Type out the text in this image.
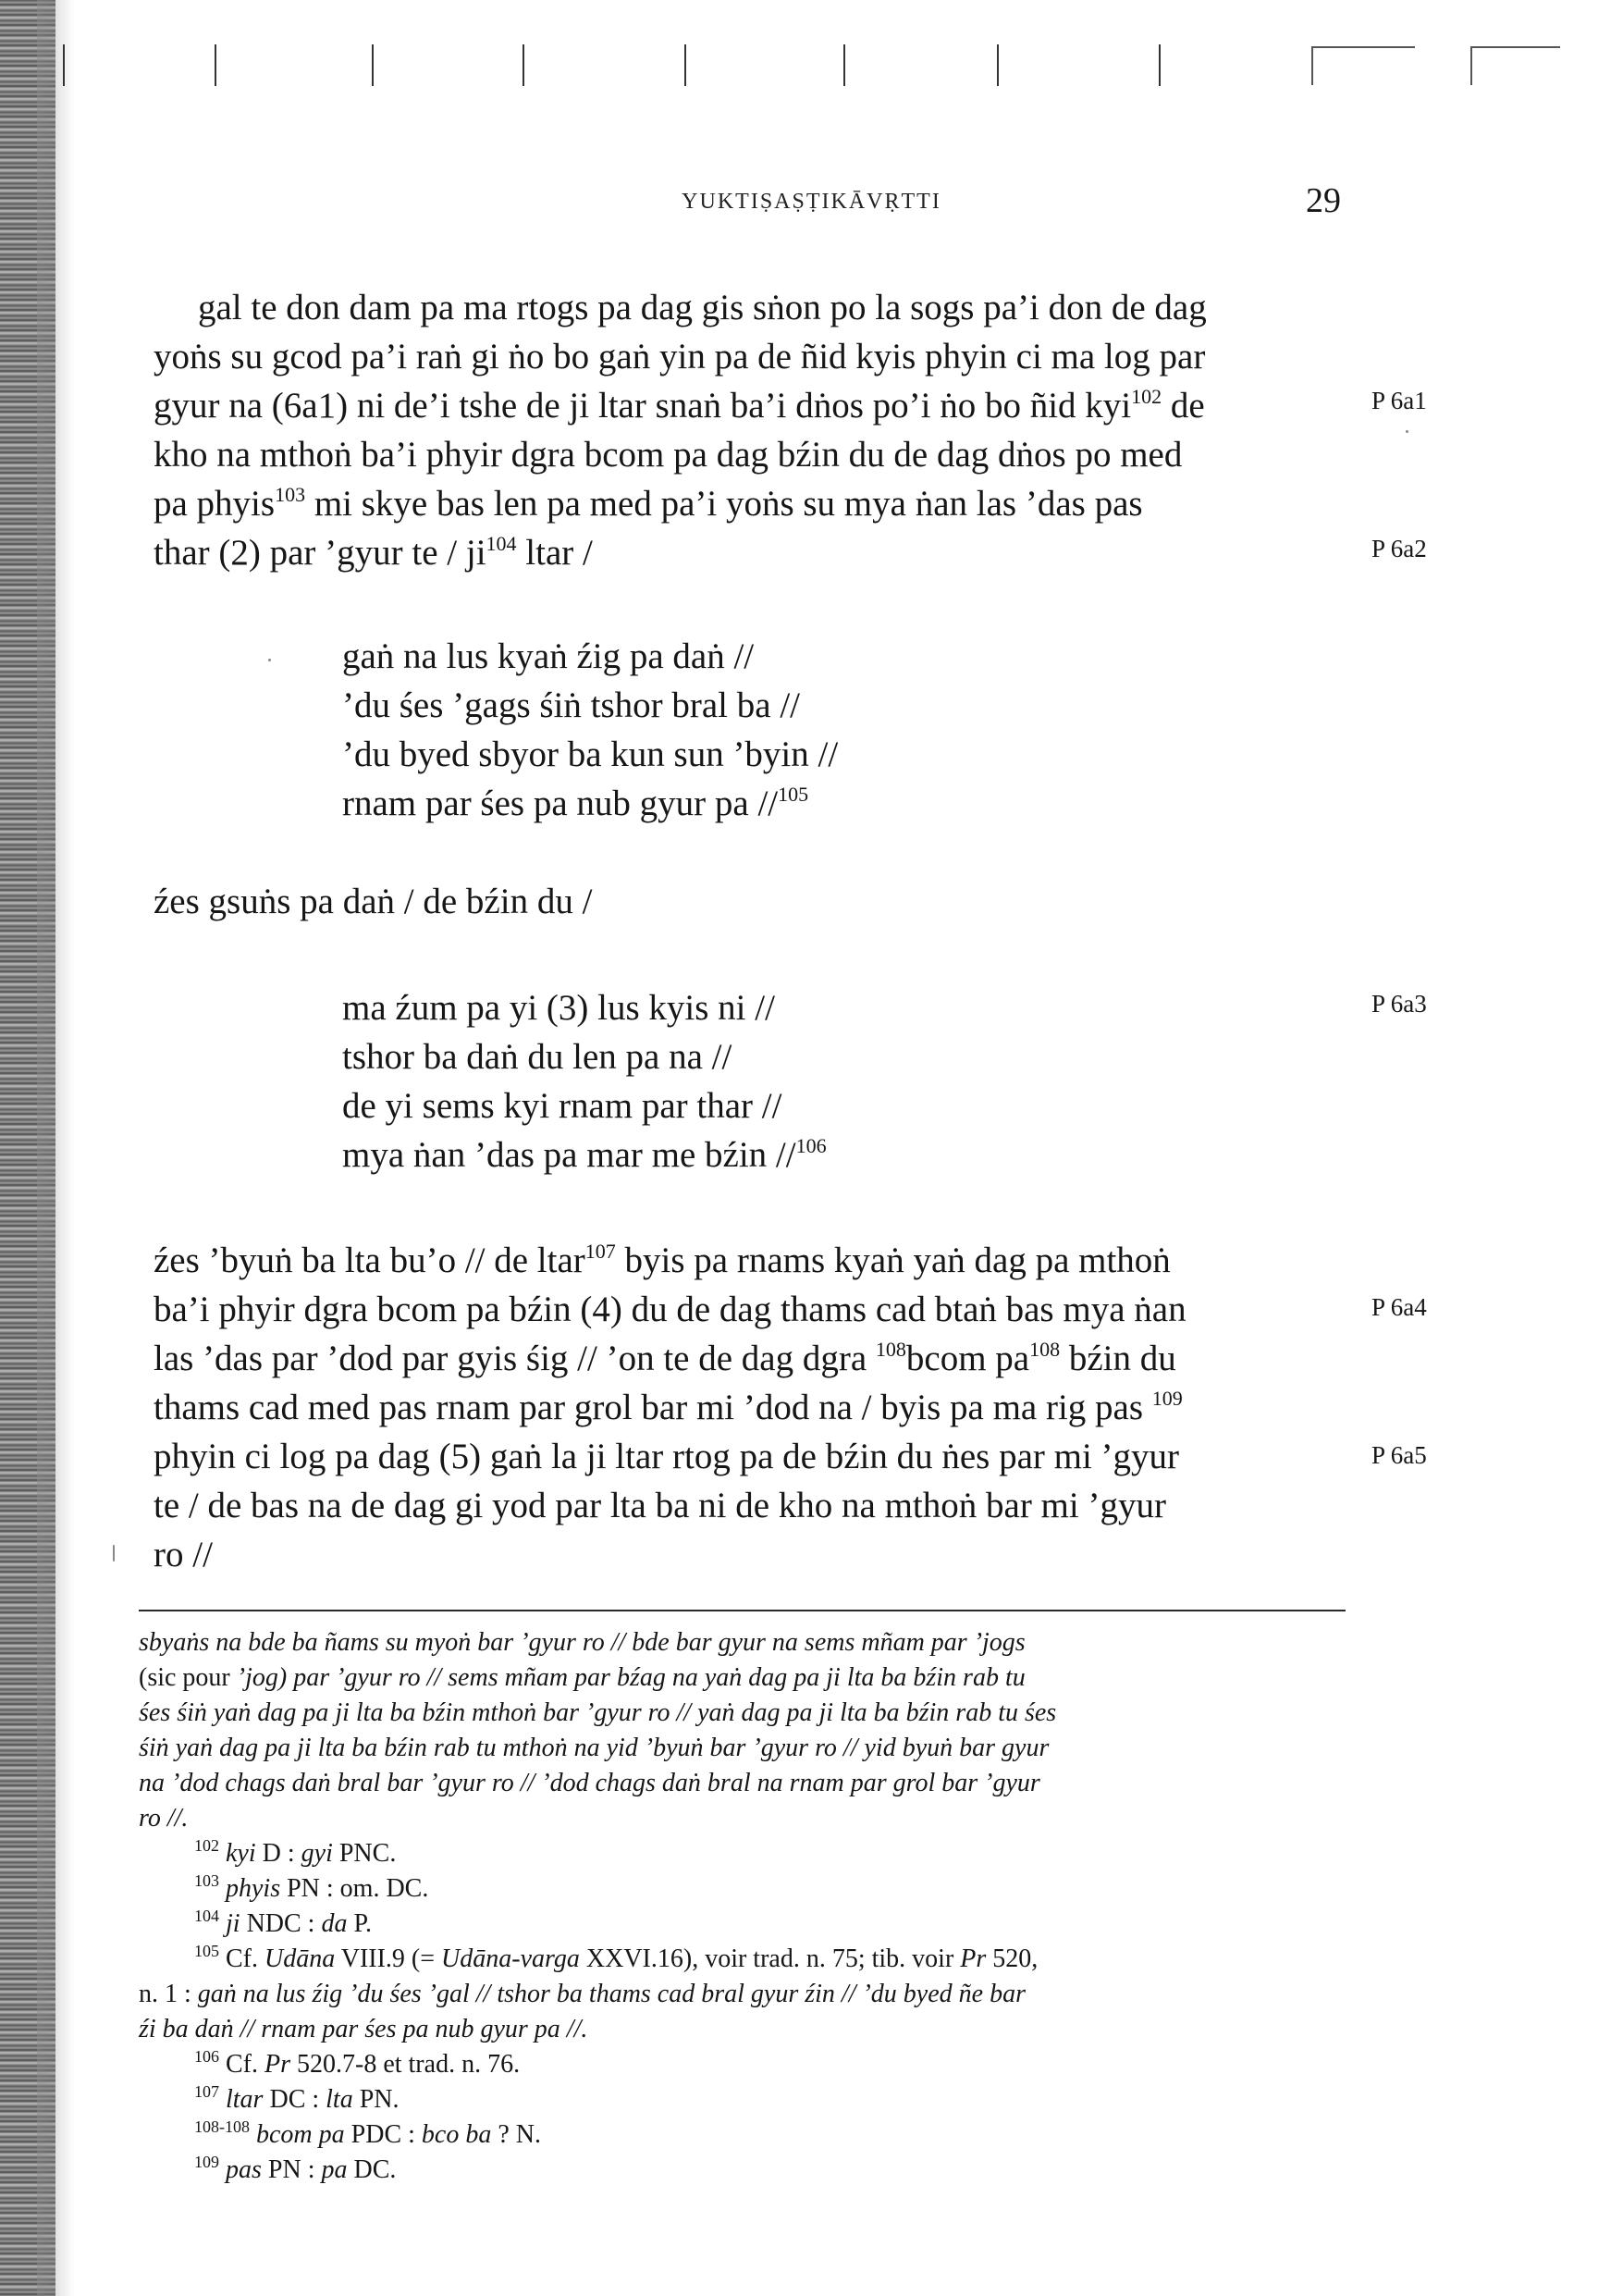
YUKTIṢAṢṬIKĀVṚTTI	29
gal te don dam pa ma rtogs pa dag gis sṅon po la sogs pa’i don de dag
yoṅs su gcod pa’i raṅ gi ṅo bo gaṅ yin pa de ñid kyis phyin ci ma log par
gyur na (6a1) ni de’i tshe de ji ltar snaṅ ba’i dṅos po’i ṅo bo ñid kyi$^{102}$ de
kho na mthoṅ ba’i phyir dgra bcom pa dag bźin du de dag dṅos po med
pa phyis$^{103}$ mi skye bas len pa med pa’i yoṅs su mya ṅan las ’das pas
thar (2) par ’gyur te / $ji^{104}$ ltar /
gaṅ na lus kyaṅ źig pa daṅ //
’du śes ’gags śiṅ tshor bral ba //
’du byed sbyor ba kun sun ’byin //
rnam par śes pa nub gyur pa //$^{105}$
źes gsuṅs pa daṅ / de bźin du /
ma źum pa yi (3) lus kyis ni //
tshor ba daṅ du len pa na //
de yi sems kyi rnam par thar //
mya ṅan ’das pa mar me bźin //$^{106}$
źes ’byuṅ ba lta bu’o // de ltar$^{107}$ byis pa rnams kyaṅ yaṅ dag pa mthoṅ
ba’i phyir dgra bcom pa bźin (4) du de dag thams cad btaṅ bas mya ṅan
las ’das par ’dod par gyis śig // ’on te de dag dgra $^{108}$bcom $pa^{108}$ bźin du
thams cad med pas rnam par grol bar mi ’dod na / byis pa ma rig pas $^{109}$
phyin ci log pa dag (5) gaṅ la ji ltar rtog pa de bźin du ṅes par mi ’gyur
te / de bas na de dag gi yod par lta ba ni de kho na mthoṅ bar mi ’gyur
ro //
P 6a1
P 6a2
P 6a3
P 6a4
P 6a5
sbyaṅs na bde ba ñams su myoṅ bar ’gyur ro // bde bar gyur na sems mñam par ’jogs
(sic pour ’jog) par ’gyur ro // sems mñam par bźag na yaṅ dag pa ji lta ba bźin rab tu
śes śiṅ yaṅ dag pa ji lta ba bźin mthoṅ bar ’gyur ro // yaṅ dag pa ji lta ba bźin rab tu śes
śiṅ yaṅ dag pa ji lta ba bźin rab tu mthoṅ na yid ’byuṅ bar ’gyur ro // yid byuṅ bar gyur
na ’dod chags daṅ bral bar ’gyur ro // ’dod chags daṅ bral na rnam par grol bar ’gyur
ro //.
$^{102}$ kyi D : gyi PNC.
$^{103}$ phyis PN : om. DC.
$^{104}$ ji NDC : da P.
$^{105}$ Cf. Udāna VIII.9 (= Udāna-varga XXVI.16), voir trad. n. 75; tib. voir Pr 520,
n. 1 : gaṅ na lus źig ’du śes ’gal // tshor ba thams cad bral gyur źin // ’du byed ñe bar
źi ba daṅ // rnam par śes pa nub gyur pa //.
$^{106}$ Cf. Pr 520.7-8 et trad. n. 76.
$^{107}$ ltar DC : lta PN.
$^{108-108}$ bcom pa PDC : bco ba ? N.
$^{109}$ pas PN : pa DC.
